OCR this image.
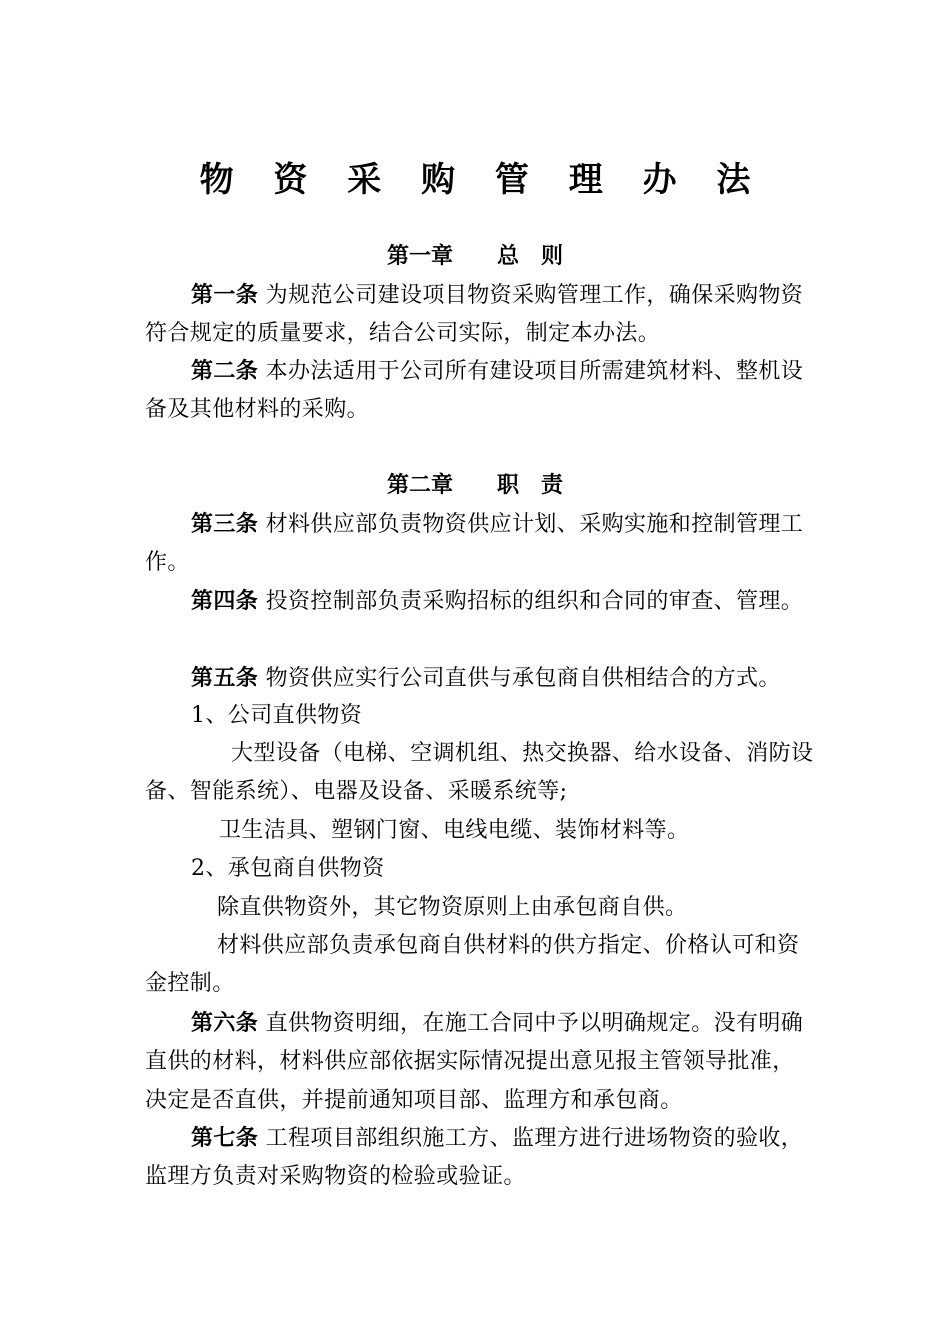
物 资 采 购 管 理 办 法
第一章　　总　则
第一条 为规范公司建设项目物资采购管理工作，确保采购物资符合规定的质量要求，结合公司实际，制定本办法。
第二条 本办法适用于公司所有建设项目所需建筑材料、整机设备及其他材料的采购。
第二章　　职　责
第三条 材料供应部负责物资供应计划、采购实施和控制管理工作。
第四条 投资控制部负责采购招标的组织和合同的审查、管理。
第五条 物资供应实行公司直供与承包商自供相结合的方式。
1、公司直供物资
大型设备（电梯、空调机组、热交换器、给水设备、消防设备、智能系统）、电器及设备、采暖系统等;
卫生洁具、塑钢门窗、电线电缆、装饰材料等。
2、承包商自供物资
除直供物资外，其它物资原则上由承包商自供。
材料供应部负责承包商自供材料的供方指定、价格认可和资金控制。
第六条 直供物资明细，在施工合同中予以明确规定。没有明确直供的材料，材料供应部依据实际情况提出意见报主管领导批准，决定是否直供，并提前通知项目部、监理方和承包商。
第七条 工程项目部组织施工方、监理方进行进场物资的验收，监理方负责对采购物资的检验或验证。
